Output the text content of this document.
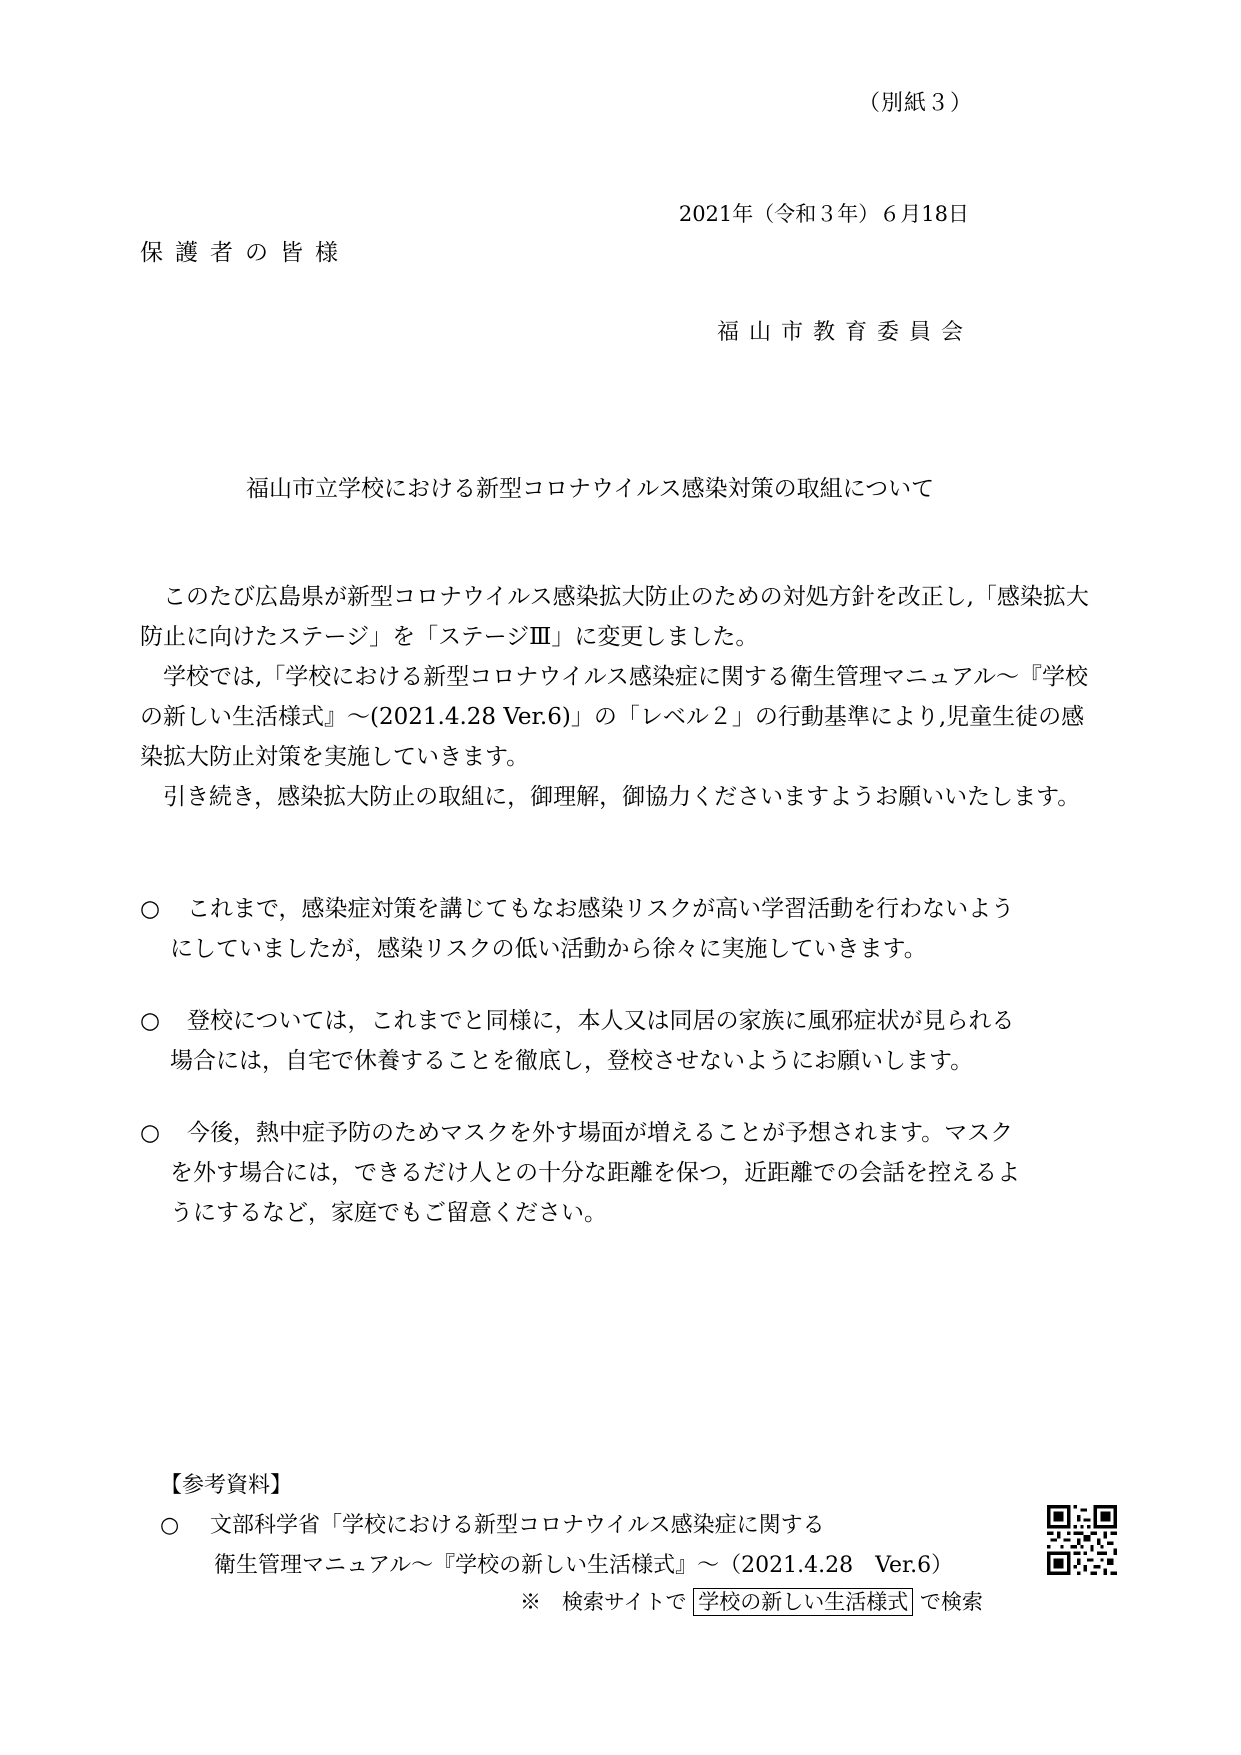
（別紙３）
2021年（令和３年）６月18日
保護者の皆様
福山市教育委員会
福山市立学校における新型コロナウイルス感染対策の取組について

このたび広島県が新型コロナウイルス感染拡大防止のための対処方針を改正し,「感染拡大防止に向けたステージ」を「ステージⅢ」に変更しました。

学校では,「学校における新型コロナウイルス感染症に関する衛生管理マニュアル～『学校の新しい生活様式』～(2021.4.28 Ver.6)」の「レベル２」の行動基準により,児童生徒の感染拡大防止対策を実施していきます。

引き続き，感染拡大防止の取組に，御理解，御協力くださいますようお願いいたします。

○	これまで，感染症対策を講じてもなお感染リスクが高い学習活動を行わないよう
にしていましたが，感染リスクの低い活動から徐々に実施していきます。
○	登校については，これまでと同様に，本人又は同居の家族に風邪症状が見られる
場合には，自宅で休養することを徹底し，登校させないようにお願いします。
○	今後，熱中症予防のためマスクを外す場面が増えることが予想されます。マスク
を外す場合には，できるだけ人との十分な距離を保つ，近距離での会話を控えるよ
うにするなど，家庭でもご留意ください。
【参考資料】
○ 文部科学省「学校における新型コロナウイルス感染症に関する
衛生管理マニュアル～『学校の新しい生活様式』～（2021.4.28　Ver.6）
※　検索サイトで 学校の新しい生活様式 で検索
